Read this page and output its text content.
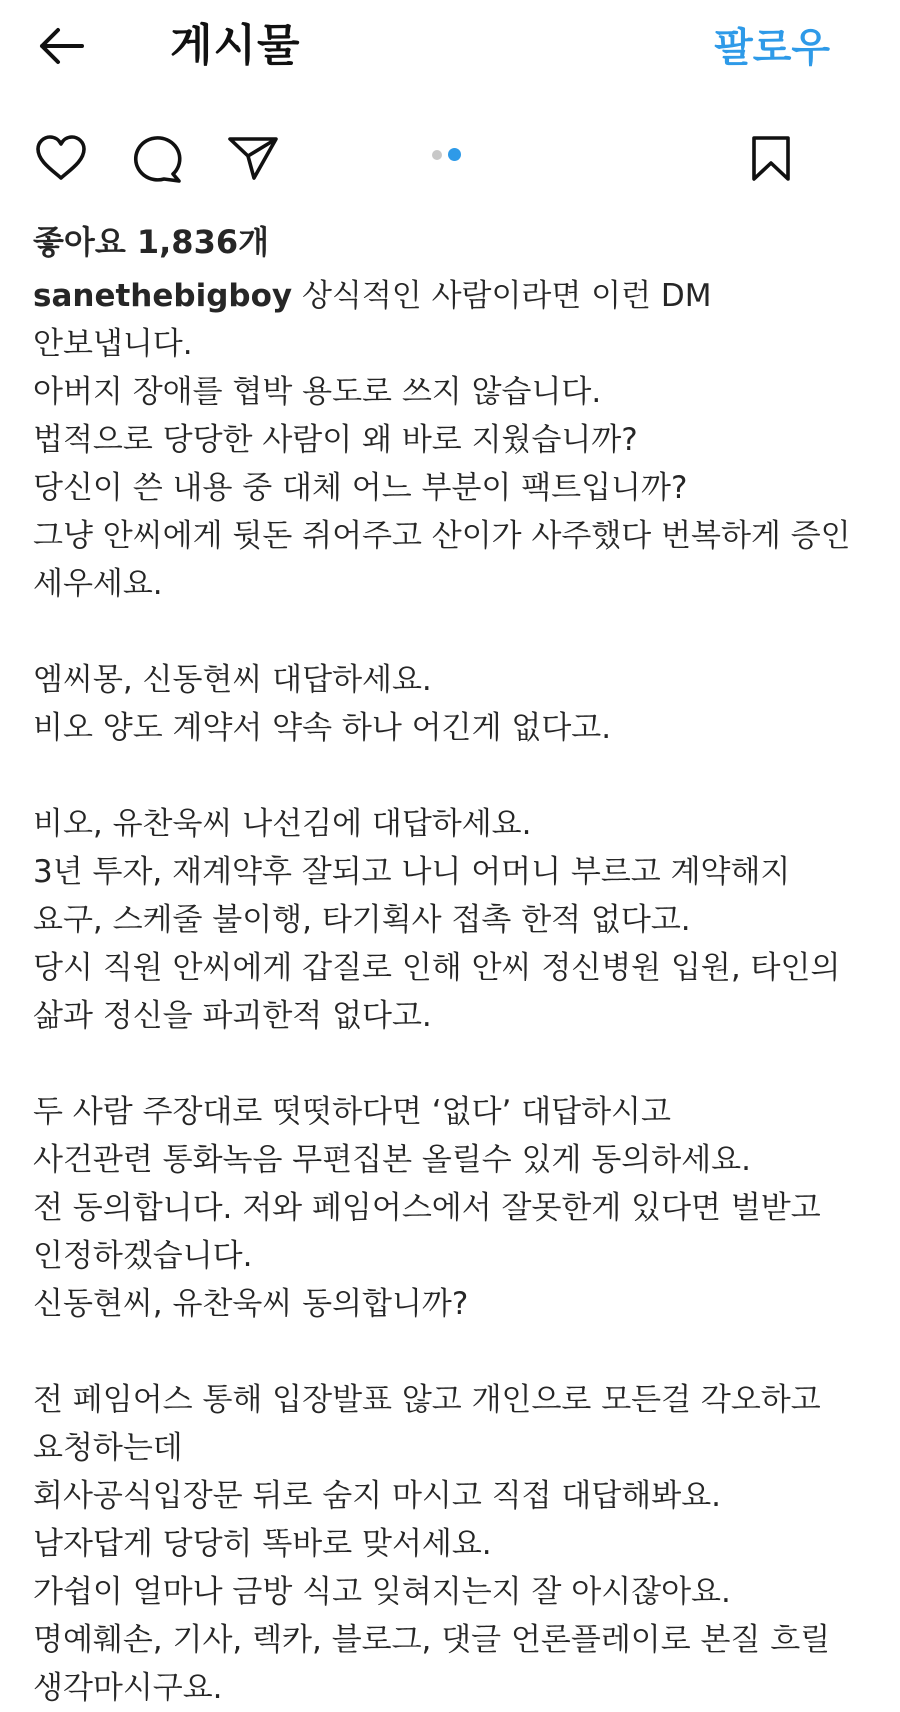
게시물	팔로우
좋아요 1,836개
sanethebigboy 상식적인 사람이라면 이런 DM
안보냅니다.
아버지 장애를 협박 용도로 쓰지 않습니다.
법적으로 당당한 사람이 왜 바로 지웠습니까?
당신이 쓴 내용 중 대체 어느 부분이 팩트입니까?
그냥 안씨에게 뒷돈 쥐어주고 산이가 사주했다 번복하게 증인
세우세요.
엠씨몽, 신동현씨 대답하세요.
비오 양도 계약서 약속 하나 어긴게 없다고.
비오, 유찬욱씨 나선김에 대답하세요.
3년 투자, 재계약후 잘되고 나니 어머니 부르고 계약해지
요구, 스케줄 불이행, 타기획사 접촉 한적 없다고.
당시 직원 안씨에게 갑질로 인해 안씨 정신병원 입원, 타인의
삶과 정신을 파괴한적 없다고.
두 사람 주장대로 떳떳하다면 ‘없다’ 대답하시고
사건관련 통화녹음 무편집본 올릴수 있게 동의하세요.
전 동의합니다. 저와 페임어스에서 잘못한게 있다면 벌받고
인정하겠습니다.
신동현씨, 유찬욱씨 동의합니까?
전 페임어스 통해 입장발표 않고 개인으로 모든걸 각오하고
요청하는데
회사공식입장문 뒤로 숨지 마시고 직접 대답해봐요.
남자답게 당당히 똑바로 맞서세요.
가쉽이 얼마나 금방 식고 잊혀지는지 잘 아시잖아요.
명예훼손, 기사, 렉카, 블로그, 댓글 언론플레이로 본질 흐릴
생각마시구요.
